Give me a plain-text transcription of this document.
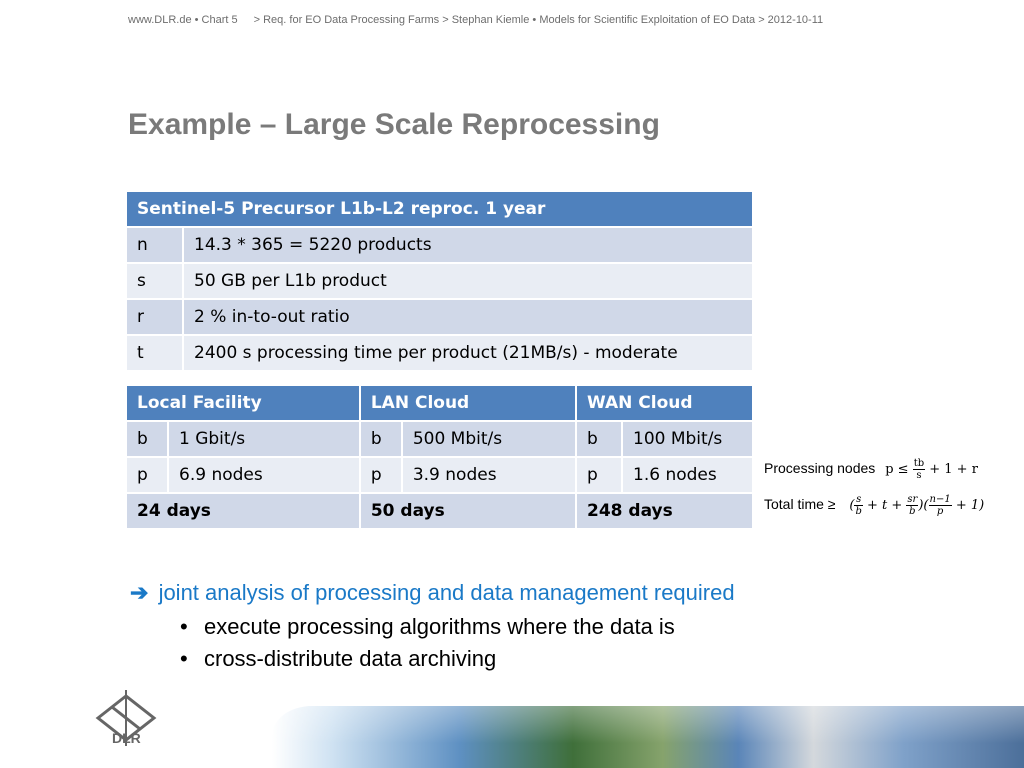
www.DLR.de • Chart 5 > Req. for EO Data Processing Farms > Stephan Kiemle • Models for Scientific Exploitation of EO Data > 2012-10-11
Example – Large Scale Reprocessing
Sentinel-5 Precursor L1b-L2 reproc. 1 year	
n	14.3 * 365 = 5220 products
s	50 GB per L1b product
r	2 % in-to-out ratio
t	2400 s processing time per product (21MB/s) - moderate
Local Facility		LAN Cloud		WAN Cloud	
b	1 Gbit/s	b	500 Mbit/s	b	100 Mbit/s
p	6.9 nodes	p	3.9 nodes	p	1.6 nodes
24 days		50 days		248 days	
Processing nodes $p \le \frac{tb}{s} + 1 + r$
Total time ≥ ( $\frac{s}{b} + t + \frac{sr}{b}$ )( $\frac{n-1}{p} + 1$)
➔ joint analysis of processing and data management required
• execute processing algorithms where the data is
• cross-distribute data archiving
DLR
